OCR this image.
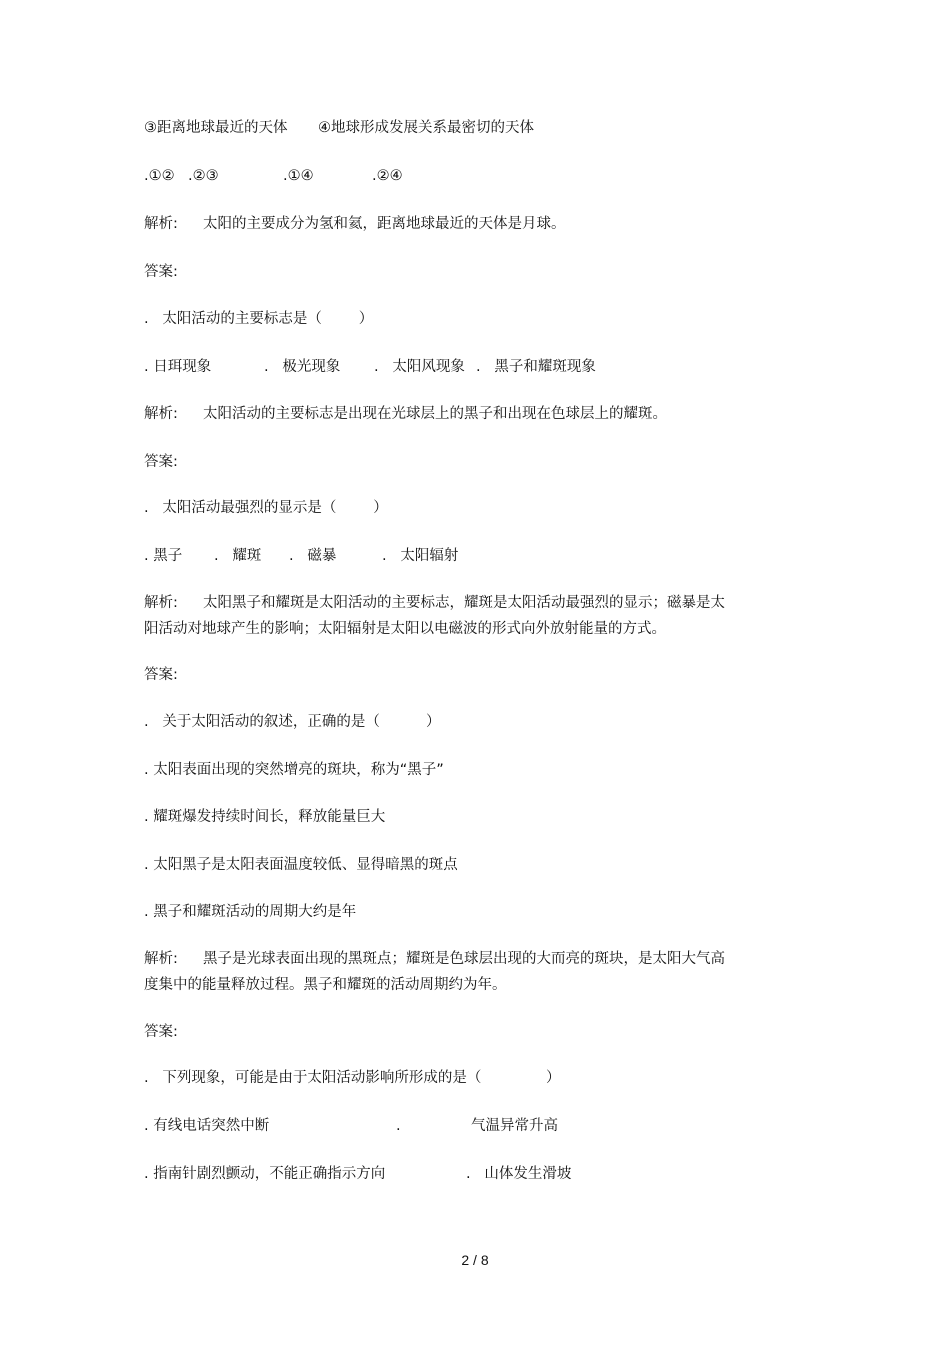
③距离地球最近的天体 ④地球形成发展关系最密切的天体
.①② .②③	.①④	.②④
解析: 太阳的主要成分为氢和氦，距离地球最近的天体是月球。
答案:
.   太阳活动的主要标志是（        ）
. 日珥现象	.   极光现象 .   太阳风现象 .   黑子和耀斑现象
解析: 太阳活动的主要标志是出现在光球层上的黑子和出现在色球层上的耀斑。
答案:
.   太阳活动最强烈的显示是（        ）
. 黑子 .   耀斑 .   磁暴	.   太阳辐射
解析: 太阳黑子和耀斑是太阳活动的主要标志，耀斑是太阳活动最强烈的显示；磁暴是太
阳活动对地球产生的影响；太阳辐射是太阳以电磁波的形式向外放射能量的方式。
答案:
.   关于太阳活动的叙述，正确的是（          ）
. 太阳表面出现的突然增亮的斑块，称为“黑子”
. 耀斑爆发持续时间长，释放能量巨大
. 太阳黑子是太阳表面温度较低、显得暗黑的斑点
. 黑子和耀斑活动的周期大约是年
解析: 黑子是光球表面出现的黑斑点；耀斑是色球层出现的大而亮的斑块，是太阳大气高
度集中的能量释放过程。黑子和耀斑的活动周期约为年。
答案:
.   下列现象，可能是由于太阳活动影响所形成的是（              ）
. 有线电话突然中断	.	气温异常升高
. 指南针剧烈颤动，不能正确指示方向	.   山体发生滑坡
2 / 8
